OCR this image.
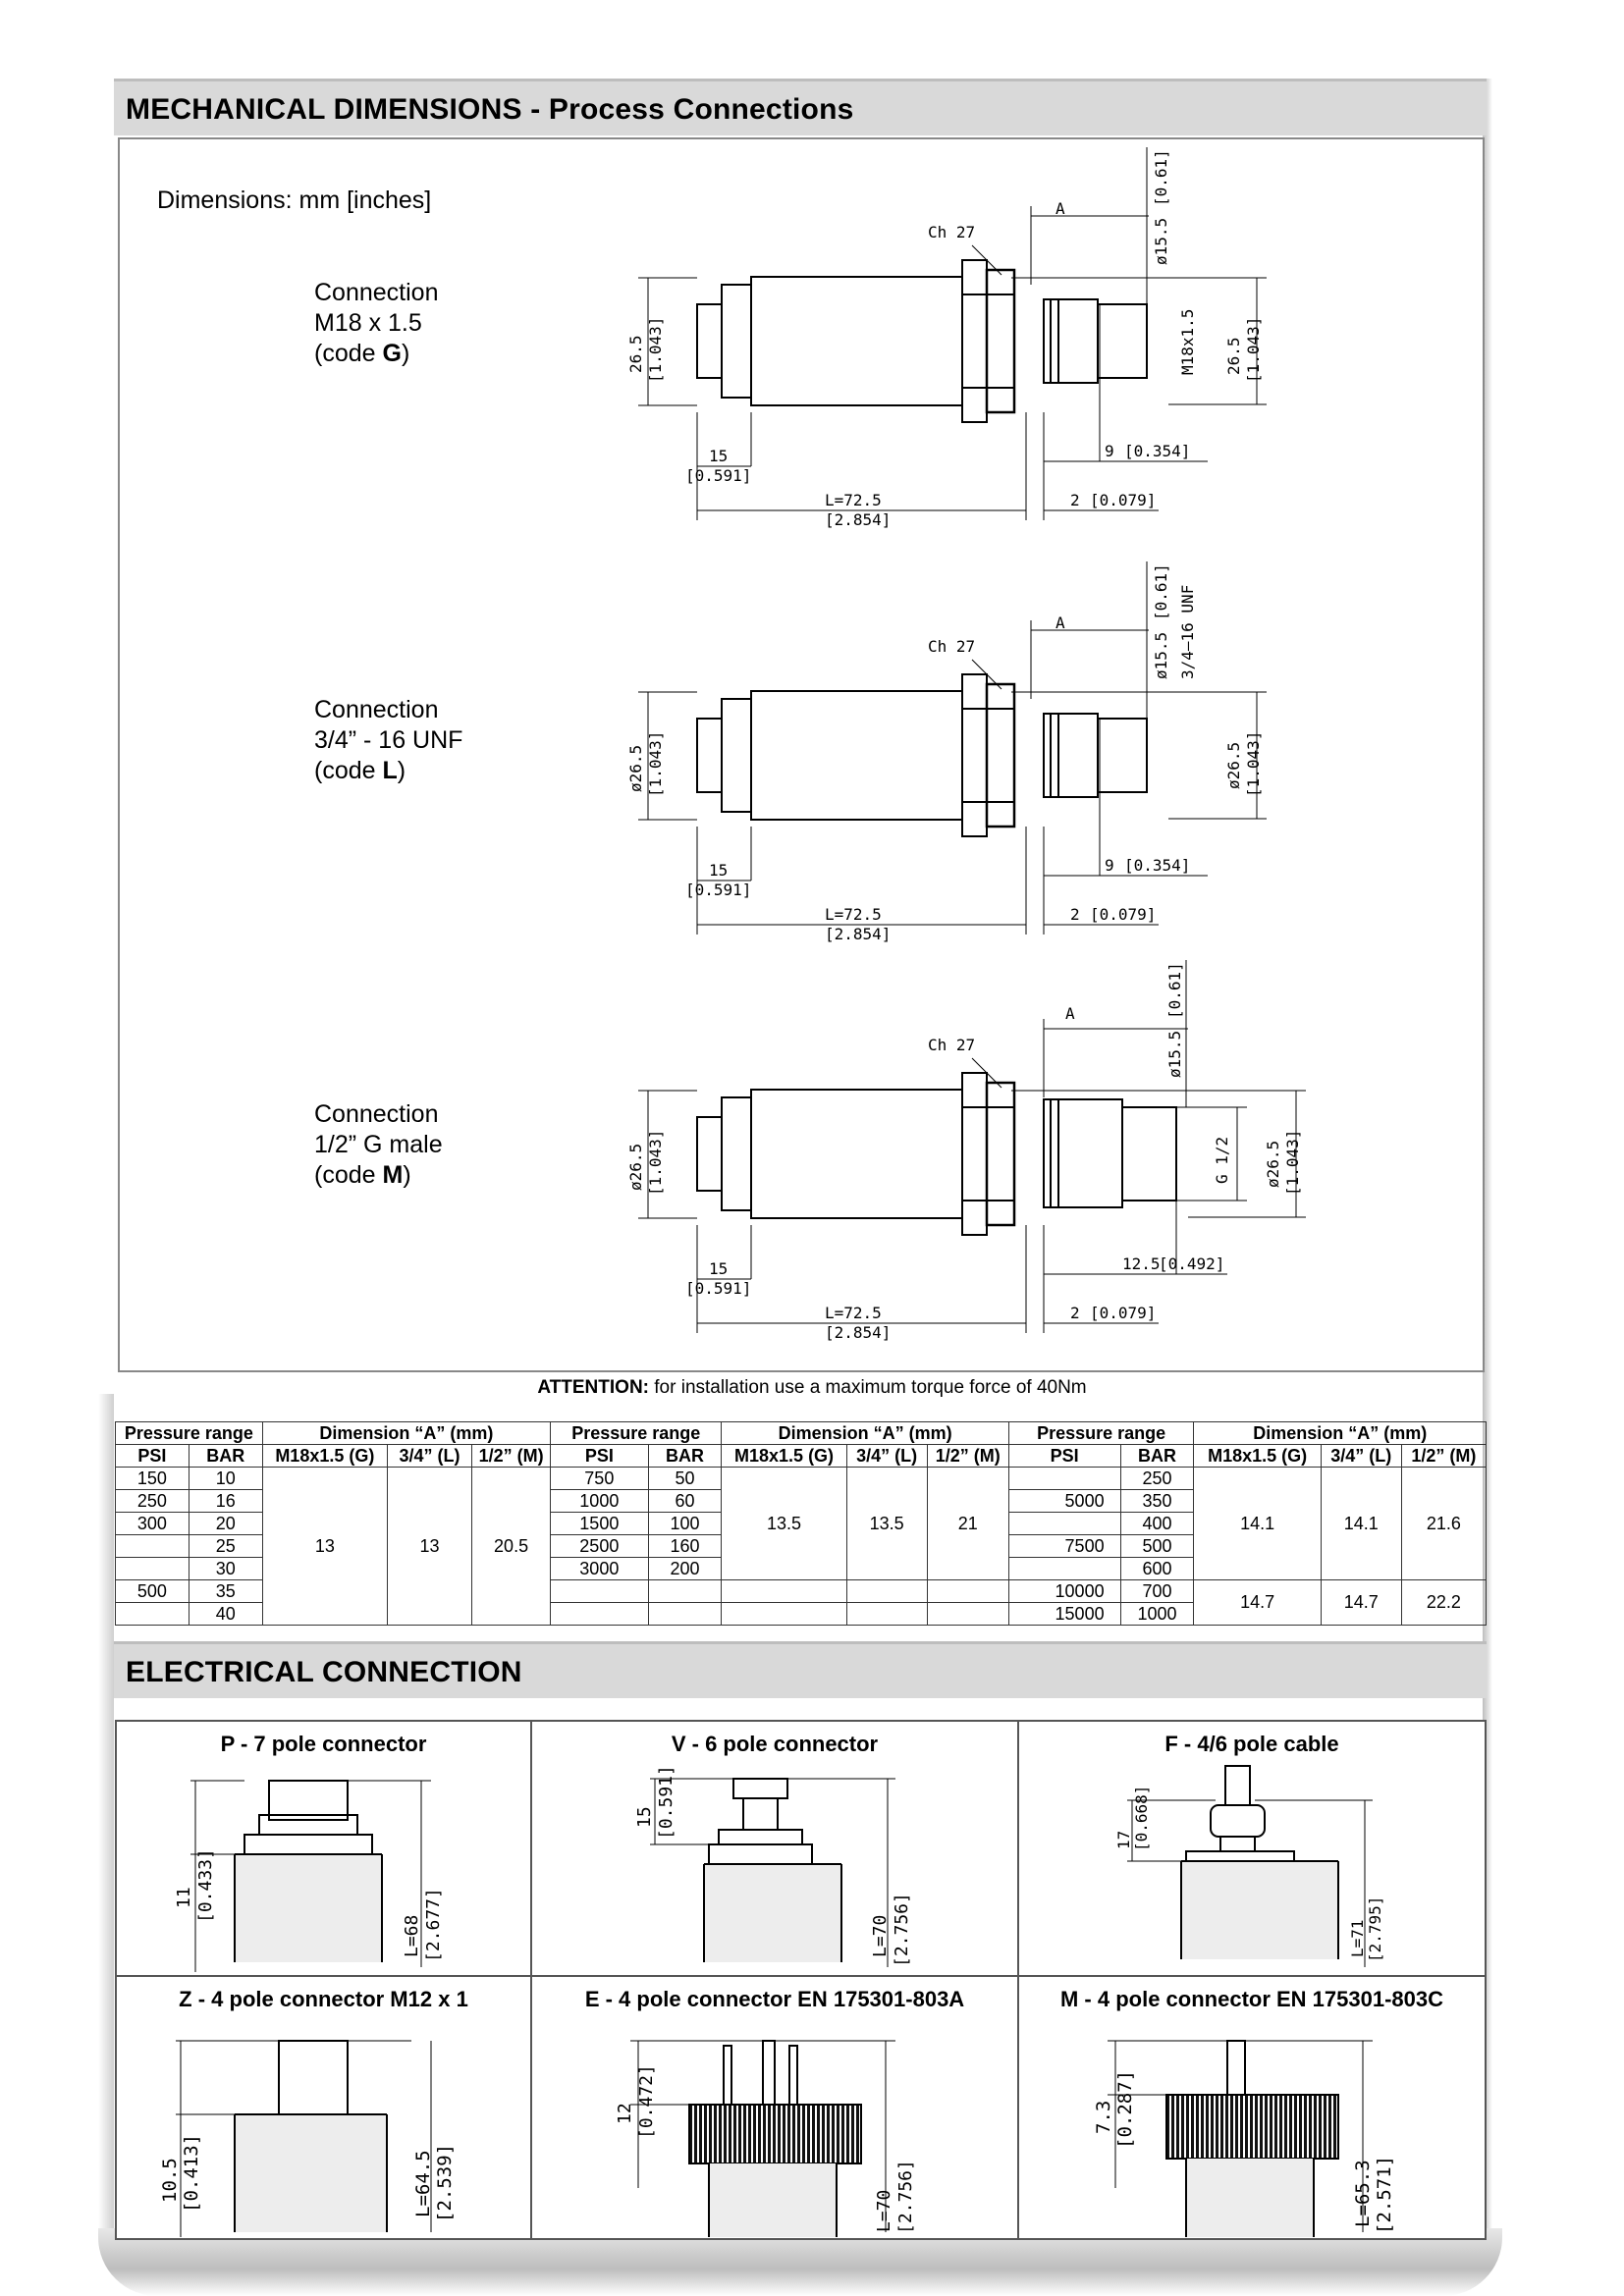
MECHANICAL DIMENSIONS - Process Connections
Dimensions: mm [inches]
Connection
M18 x 1.5
(code G)
Connection
3/4” - 16 UNF
(code L)
Connection
1/2” G male
(code M)
Ch 27
A
ø15.5
[0.61]
M18x1.5 26.5 [1.043]
26.5 [1.043]
15
[0.591]
L=72.5
[2.854]
9 [0.354]
2 [0.079]
Ch 27
A
ø15.5
[0.61] 3/4–16 UNF
ø26.5 [1.043]
ø26.5 [1.043]
15
[0.591]
L=72.5
[2.854]
9 [0.354]
2 [0.079]
Ch 27
A
ø15.5
[0.61]
G 1/2 ø26.5 [1.043]
ø26.5 [1.043]
15
[0.591]
L=72.5
[2.854]
12.5
[0.492]
2 [0.079]
ATTENTION: for installation use a maximum torque force of 40Nm
Pressure range		Dimension “A” (mm)			Pressure range		Dimension “A” (mm)			Pressure range		Dimension “A” (mm)		
PSI	BAR	M18x1.5 (G)	3/4” (L)	1/2” (M)	PSI	BAR	M18x1.5 (G)	3/4” (L)	1/2” (M)	PSI	BAR	M18x1.5 (G)	3/4” (L)	1/2” (M)
150	10	13	13	20.5	750	50	13.5	13.5	21		250	14.1	14.1	21.6
250	16				1000	60				5000	350			
300	20				1500	100					400			
	25				2500	160				7500	500			
	30				3000	200					600			
500	35									10000	700	14.7	14.7	22.2
	40									15000	1000			
ELECTRICAL CONNECTION
P - 7 pole connector
11 [0.433]
L=68 [2.677]
V - 6 pole connector
15 [0.591]
L=70 [2.756]
F - 4/6 pole cable
17 [0.668]
L=71 [2.795]
Z - 4 pole connector M12 x 1
10.5 [0.413]	L=64.5 [2.539]
E - 4 pole connector EN 175301-803A
12 [0.472]
L=70 [2.756]
M - 4 pole connector EN 175301-803C
7.3 [0.287]
L=65.3 [2.571]
